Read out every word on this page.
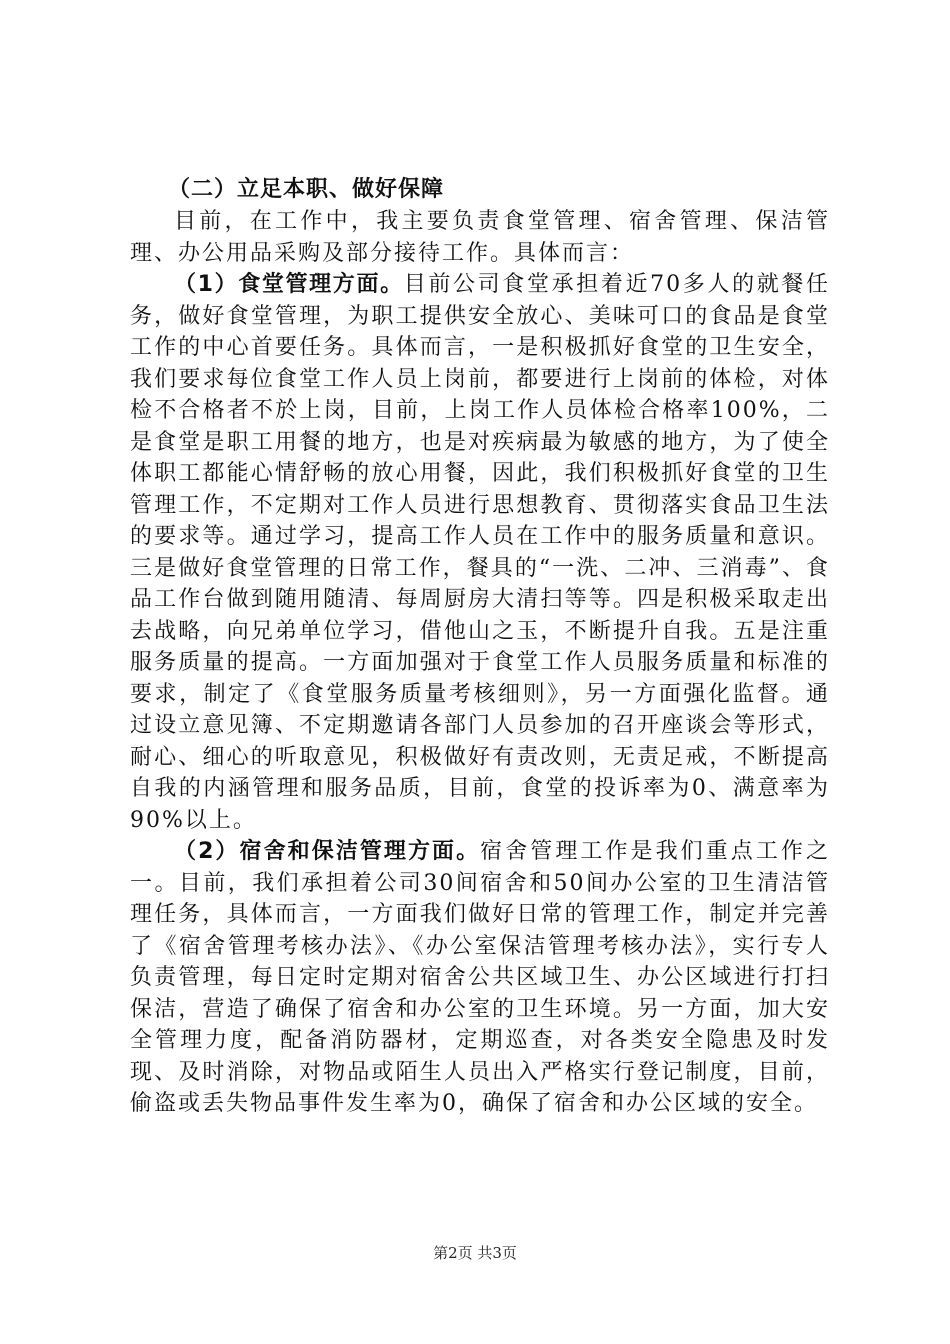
（二）立足本职、做好保障

目前，在工作中，我主要负责食堂管理、宿舍管理、保洁管理、办公用品采购及部分接待工作。具体而言：

（1）食堂管理方面。目前公司食堂承担着近70多人的就餐任务，做好食堂管理，为职工提供安全放心、美味可口的食品是食堂工作的中心首要任务。具体而言，一是积极抓好食堂的卫生安全，我们要求每位食堂工作人员上岗前，都要进行上岗前的体检，对体检不合格者不於上岗，目前，上岗工作人员体检合格率100%，二是食堂是职工用餐的地方，也是对疾病最为敏感的地方，为了使全体职工都能心情舒畅的放心用餐，因此，我们积极抓好食堂的卫生管理工作，不定期对工作人员进行思想教育、贯彻落实食品卫生法的要求等。通过学习，提高工作人员在工作中的服务质量和意识。三是做好食堂管理的日常工作，餐具的“一洗、二冲、三消毒”、食品工作台做到随用随清、每周厨房大清扫等等。四是积极采取走出去战略，向兄弟单位学习，借他山之玉，不断提升自我。五是注重服务质量的提高。一方面加强对于食堂工作人员服务质量和标准的要求，制定了《食堂服务质量考核细则》，另一方面强化监督。通过设立意见簿、不定期邀请各部门人员参加的召开座谈会等形式，耐心、细心的听取意见，积极做好有责改则，无责足戒，不断提高自我的内涵管理和服务品质，目前，食堂的投诉率为0、满意率为90%以上。

（2）宿舍和保洁管理方面。宿舍管理工作是我们重点工作之一。目前，我们承担着公司30间宿舍和50间办公室的卫生清洁管理任务，具体而言，一方面我们做好日常的管理工作，制定并完善了《宿舍管理考核办法》、《办公室保洁管理考核办法》，实行专人负责管理，每日定时定期对宿舍公共区域卫生、办公区域进行打扫保洁，营造了确保了宿舍和办公室的卫生环境。另一方面，加大安全管理力度，配备消防器材，定期巡查，对各类安全隐患及时发现、及时消除，对物品或陌生人员出入严格实行登记制度，目前，偷盗或丢失物品事件发生率为0，确保了宿舍和办公区域的安全。

第2页 共3页
